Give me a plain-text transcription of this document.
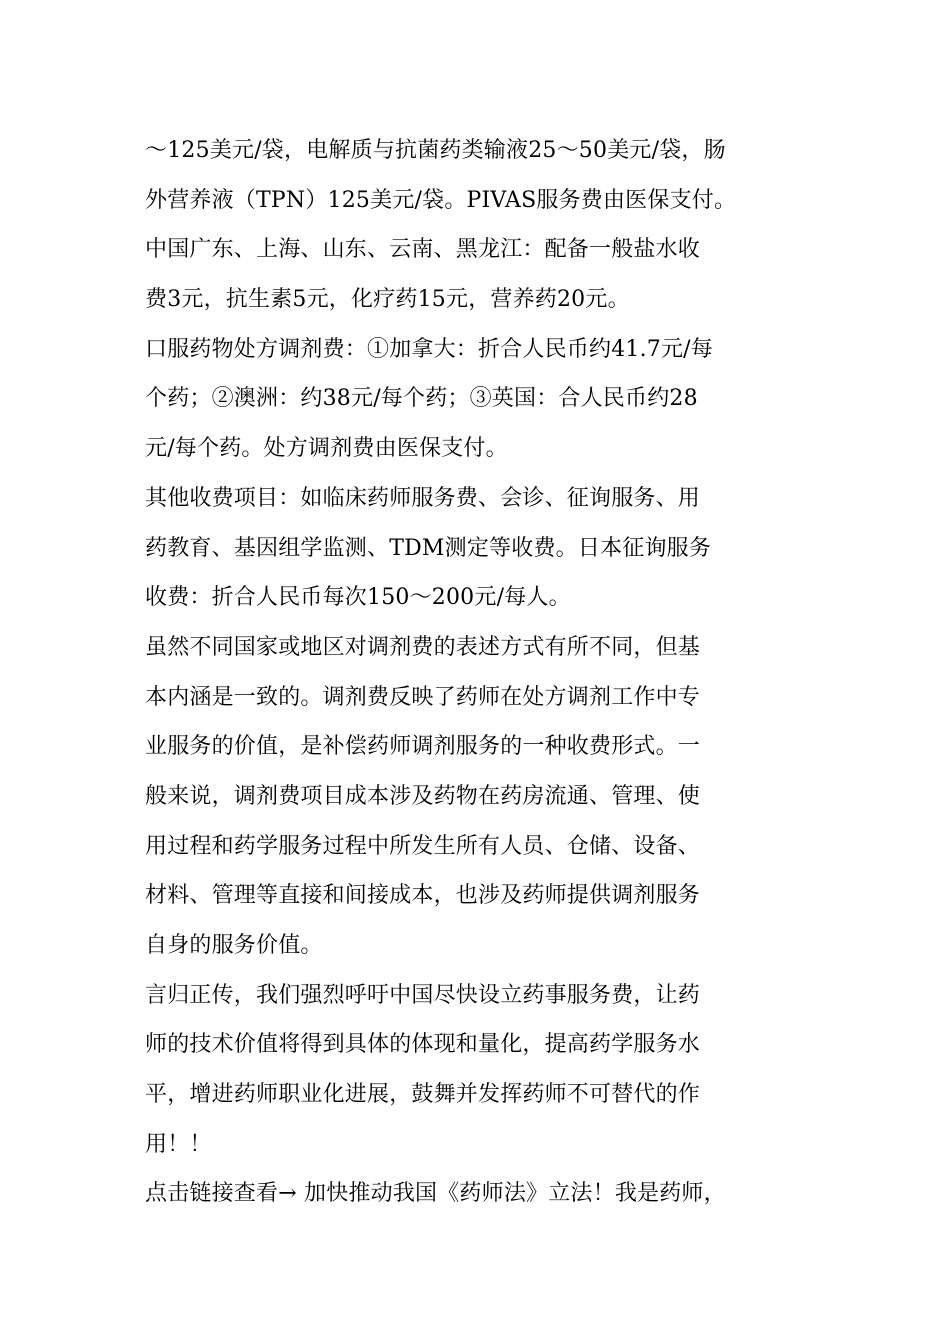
～125美元/袋，电解质与抗菌药类输液25～50美元/袋，肠
外营养液（TPN）125美元/袋。PIVAS服务费由医保支付。
中国广东、上海、山东、云南、黑龙江：配备一般盐水收
费3元，抗生素5元，化疗药15元，营养药20元。
口服药物处方调剂费：①加拿大：折合人民币约41.7元/每
个药；②澳洲：约38元/每个药；③英国：合人民币约28
元/每个药。处方调剂费由医保支付。
其他收费项目：如临床药师服务费、会诊、征询服务、用
药教育、基因组学监测、TDM测定等收费。日本征询服务
收费：折合人民币每次150～200元/每人。
虽然不同国家或地区对调剂费的表述方式有所不同，但基
本内涵是一致的。调剂费反映了药师在处方调剂工作中专
业服务的价值，是补偿药师调剂服务的一种收费形式。一
般来说，调剂费项目成本涉及药物在药房流通、管理、使
用过程和药学服务过程中所发生所有人员、仓储、设备、
材料、管理等直接和间接成本，也涉及药师提供调剂服务
自身的服务价值。
言归正传，我们强烈呼吁中国尽快设立药事服务费，让药
师的技术价值将得到具体的体现和量化，提高药学服务水
平，增进药师职业化进展，鼓舞并发挥药师不可替代的作
用！！
点击链接查看→ 加快推动我国《药师法》立法！我是药师，
